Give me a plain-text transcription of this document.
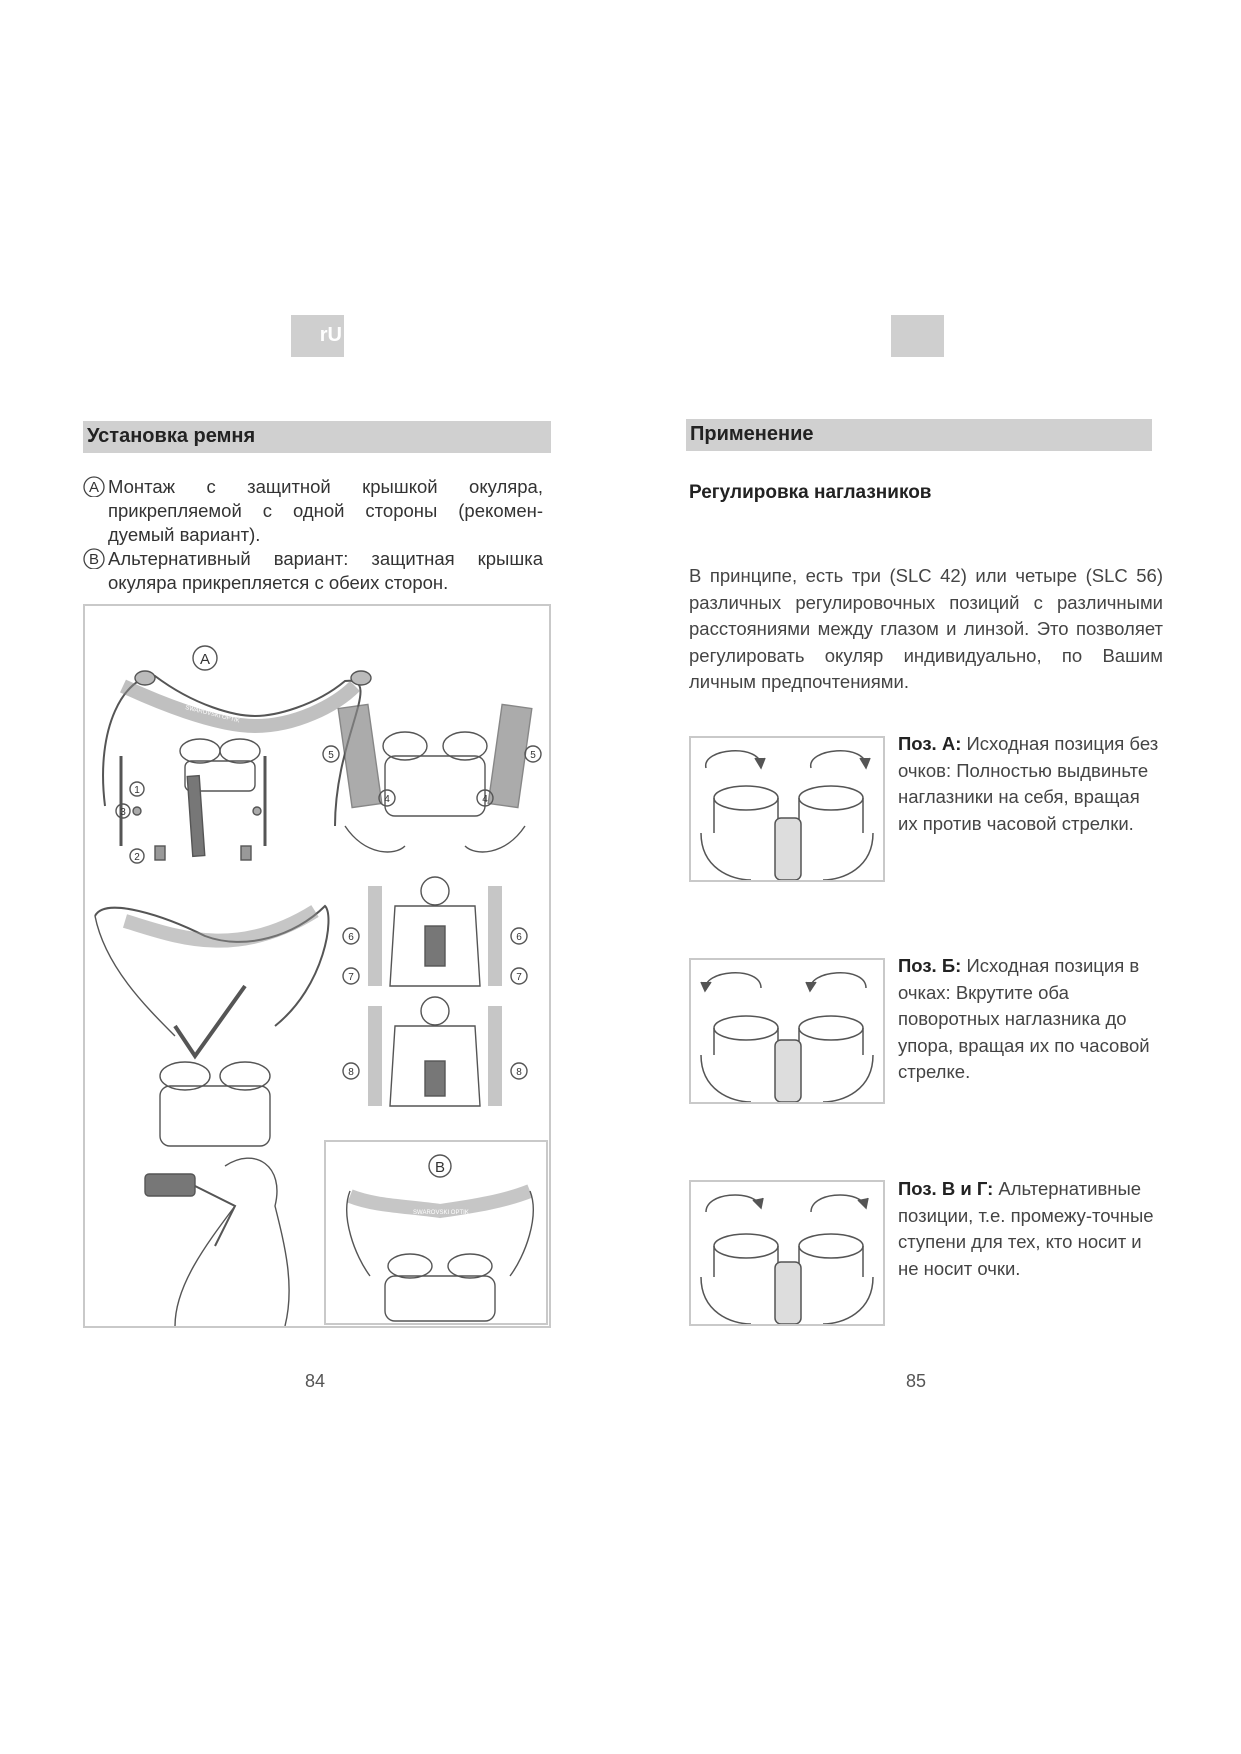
rU
Установка ремня
A Монтаж с защитной крышкой окуляра, прикрепляемой с одной стороны (рекомен-дуемый вариант).
B Альтернативный вариант: защитная крышка окуляра прикрепляется с обеих сторон.
SWAROVSKI OPTIK
A
1
3
2
5	5
4	4
6	6
7	7
8	8
B
SWAROVSKI OPTIK
84
Применение
Регулировка наглазников
В принципе, есть три (SLC 42) или четыре (SLC 56) различных регулировочных позиций с различными расстояниями между глазом и линзой. Это позволяет регулировать окуляр индивидуально, по Вашим личным предпочтениями.
Поз. А: Исходная позиция без очков: Полностью выдвиньте наглазники на себя, вращая их против часовой стрелки.
Поз. Б: Исходная позиция в очках: Вкрутите оба поворотных наглазника до упора, вращая их по часовой стрелке.
Поз. В и Г: Альтернативные позиции, т.е. промежу-точные ступени для тех, кто носит и не носит очки.
85
